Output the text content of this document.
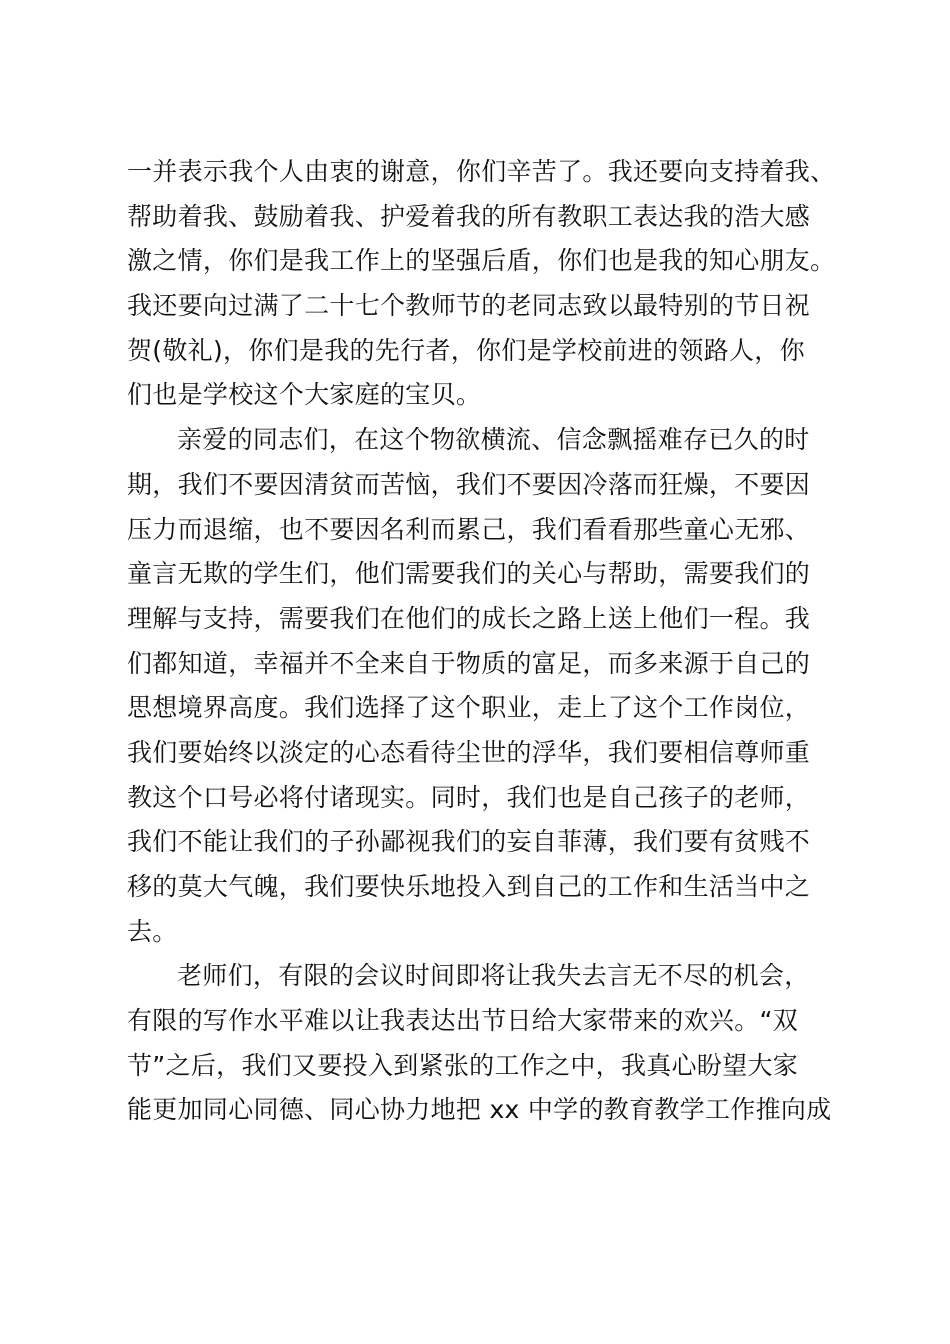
一并表示我个人由衷的谢意，你们辛苦了。我还要向支持着我、
帮助着我、鼓励着我、护爱着我的所有教职工表达我的浩大感
激之情，你们是我工作上的坚强后盾，你们也是我的知心朋友。
我还要向过满了二十七个教师节的老同志致以最特别的节日祝
贺(敬礼)，你们是我的先行者，你们是学校前进的领路人，你
们也是学校这个大家庭的宝贝。
亲爱的同志们，在这个物欲横流、信念飘摇难存已久的时
期，我们不要因清贫而苦恼，我们不要因冷落而狂燥，不要因
压力而退缩，也不要因名利而累己，我们看看那些童心无邪、
童言无欺的学生们，他们需要我们的关心与帮助，需要我们的
理解与支持，需要我们在他们的成长之路上送上他们一程。我
们都知道，幸福并不全来自于物质的富足，而多来源于自己的
思想境界高度。我们选择了这个职业，走上了这个工作岗位，
我们要始终以淡定的心态看待尘世的浮华，我们要相信尊师重
教这个口号必将付诸现实。同时，我们也是自己孩子的老师，
我们不能让我们的子孙鄙视我们的妄自菲薄，我们要有贫贱不
移的莫大气魄，我们要快乐地投入到自己的工作和生活当中之
去。
老师们，有限的会议时间即将让我失去言无不尽的机会，
有限的写作水平难以让我表达出节日给大家带来的欢兴。“双
节”之后，我们又要投入到紧张的工作之中，我真心盼望大家
能更加同心同德、同心协力地把 xx 中学的教育教学工作推向成
